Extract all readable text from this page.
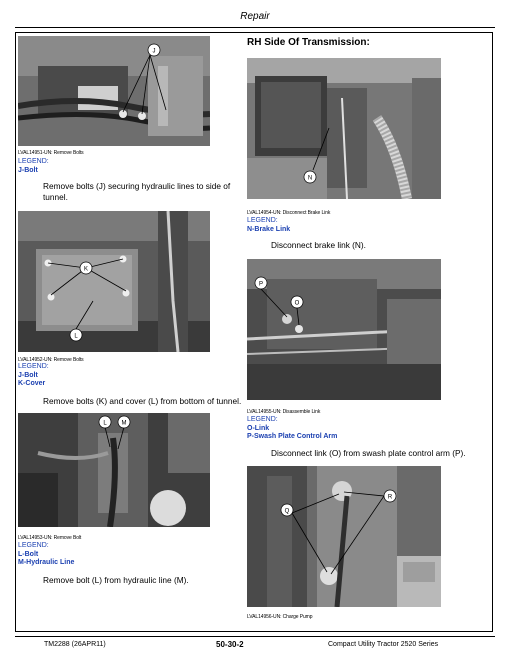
Repair
J
LVAL14951-UN: Remove Bolts
LEGEND:
J-Bolt
Remove bolts (J) securing hydraulic lines to side of tunnel.
K
L
LVAL14952-UN: Remove Bolts
LEGEND:
J-Bolt
K-Cover
Remove bolts (K) and cover (L) from bottom of tunnel.
L M
LVAL14953-UN: Remove Bolt
LEGEND:
L-Bolt
M-Hydraulic Line
Remove bolt (L) from hydraulic line (M).
RH Side Of Transmission:
N
LVAL14954-UN: Disconnect Brake Link
LEGEND:
N-Brake Link
Disconnect brake link (N).
P
O
LVAL14955-UN: Disassemble Link
LEGEND:
O-Link
P-Swash Plate Control Arm
Disconnect link (O) from swash plate control arm (P).
R
Q
LVAL14956-UN: Charge Pump
TM2288 (26APR11)	50-30-2	Compact Utility Tractor 2520 Series
